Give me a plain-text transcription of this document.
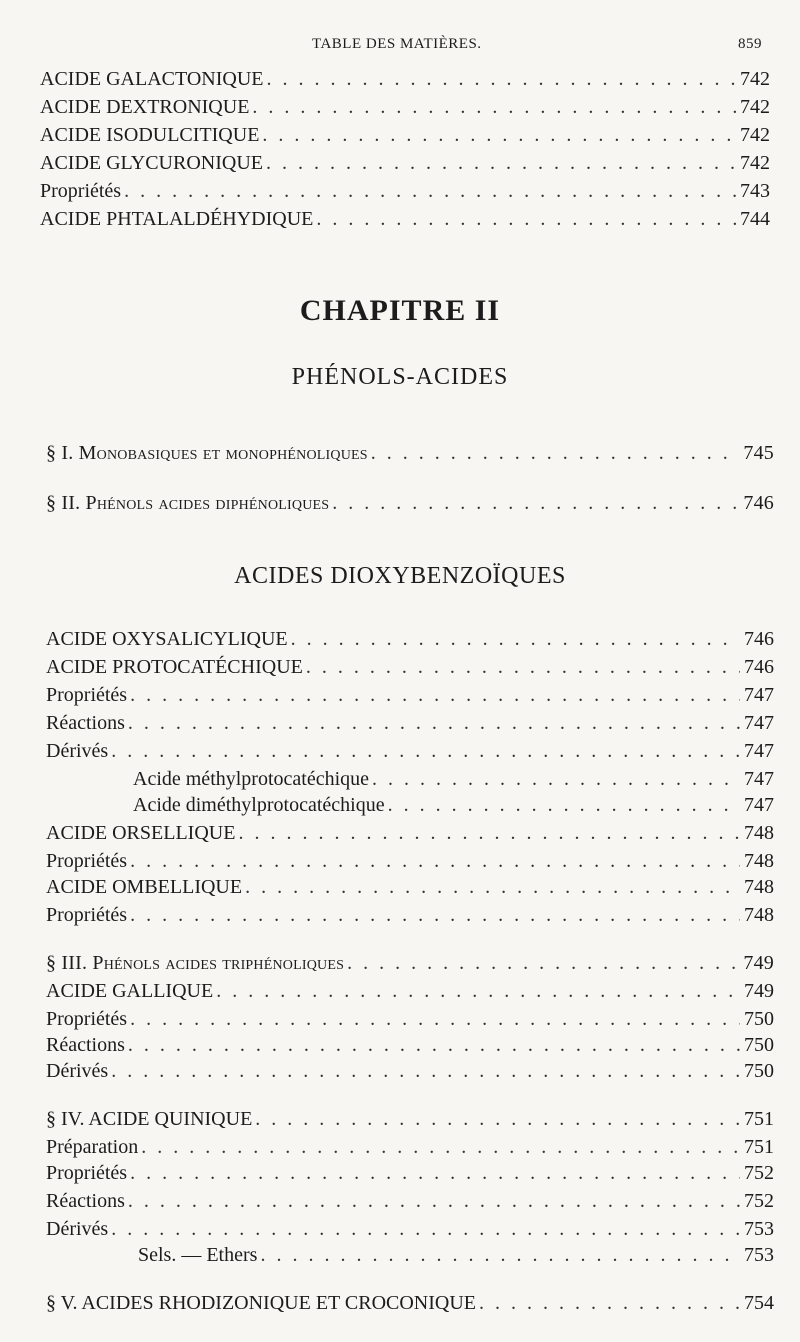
TABLE DES MATIÈRES.	859
ACIDE GALACTONIQUE . . .	742
ACIDE DEXTRONIQUE . . .	742
ACIDE ISODULCITIQUE . . .	742
ACIDE GLYCURONIQUE . . .	742
Propriétés . . .	743
ACIDE PHTALALDÉHYDIQUE . . .	744
CHAPITRE II
PHÉNOLS-ACIDES
§ I. Monobasiques et monophénoliques . . .	745
§ II. Phénols acides diphénoliques . . .	746
ACIDES DIOXYBENZOÏQUES
ACIDE OXYSALICYLIQUE . . .	746
ACIDE PROTOCATÉCHIQUE . . .	746
Propriétés . . .	747
Réactions . . .	747
Dérivés . . .	747
Acide méthylprotocatéchique . . .	747
Acide diméthylprotocatéchique . . .	747
ACIDE ORSELLIQUE . . .	748
Propriétés . . .	748
ACIDE OMBELLIQUE . . .	748
Propriétés . . .	748
§ III. Phénols acides triphénoliques . . .	749
ACIDE GALLIQUE . . .	749
Propriétés . . .	750
Réactions . . .	750
Dérivés . . .	750
§ IV. ACIDE QUINIQUE . . .	751
Préparation . . .	751
Propriétés . . .	752
Réactions . . .	752
Dérivés . . .	753
Sels. — Ethers . . .	753
§ V. ACIDES RHODIZONIQUE ET CROCONIQUE . . .	754
